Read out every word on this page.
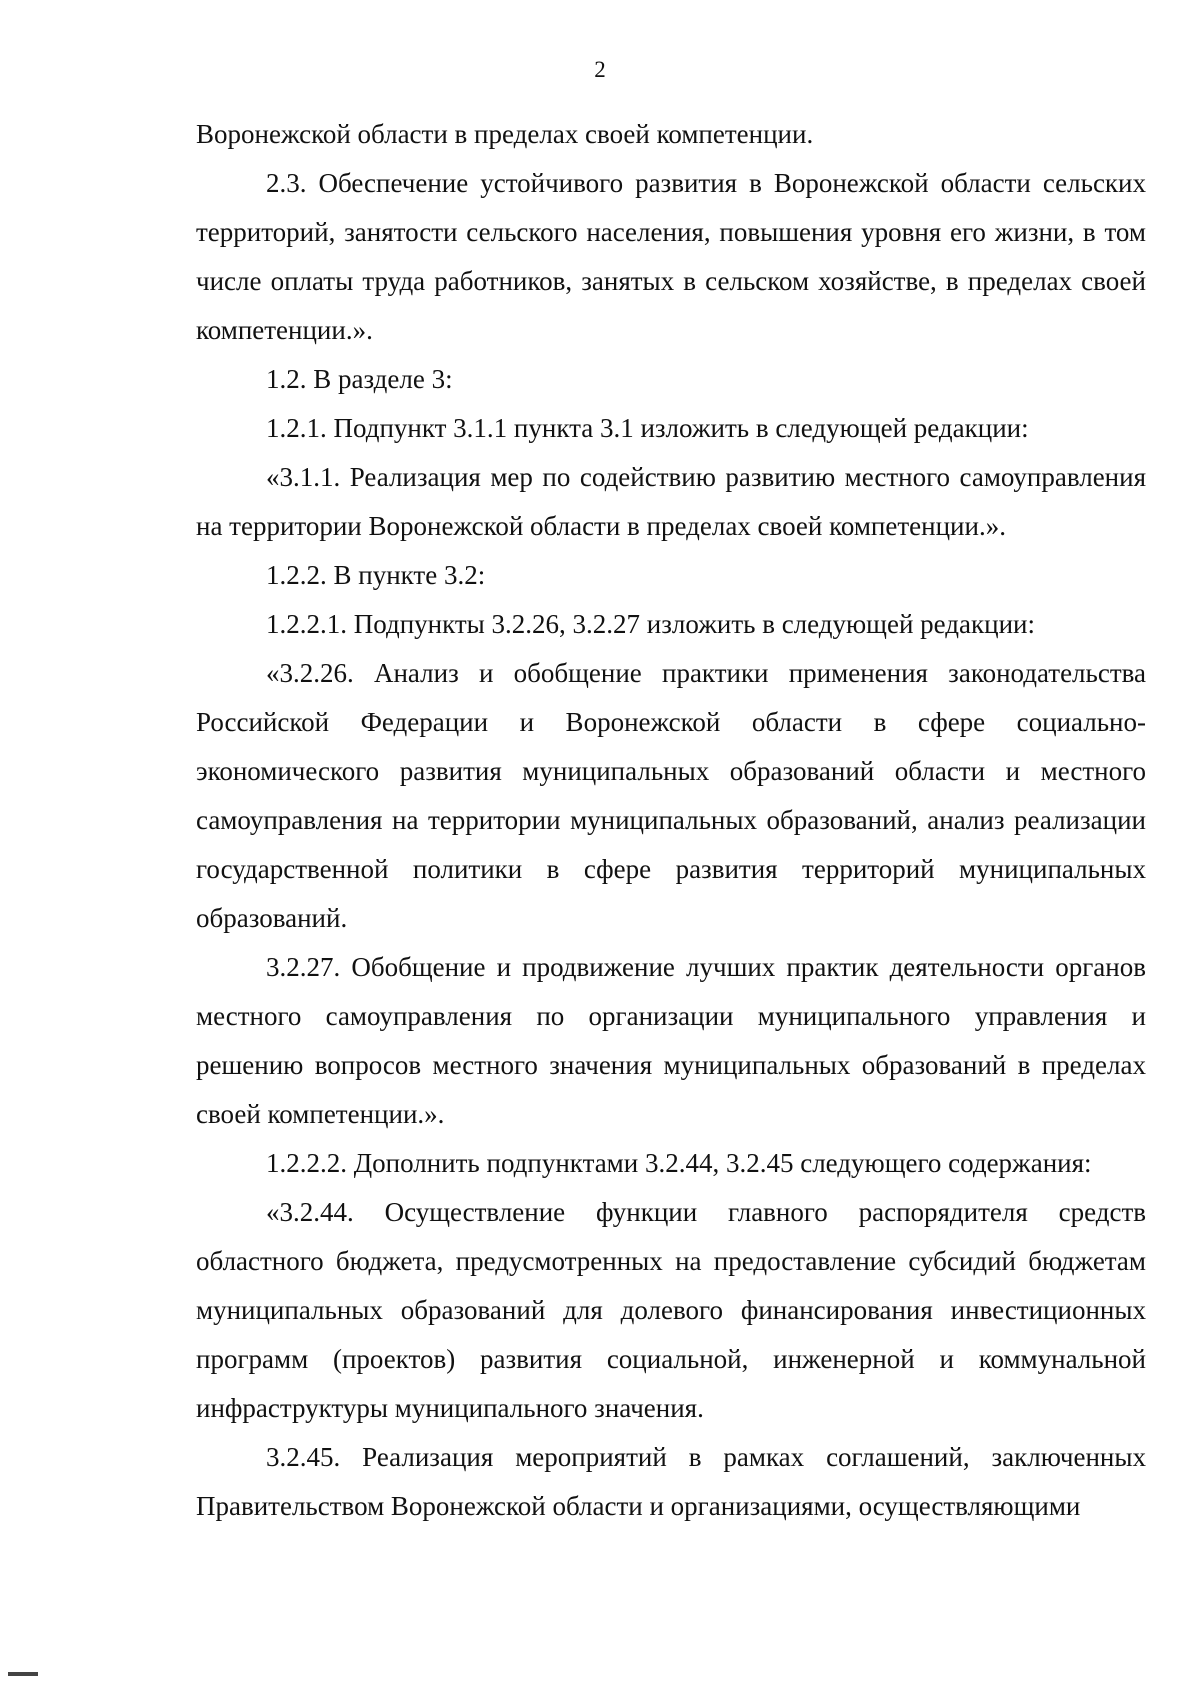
2

Воронежской области в пределах своей компетенции.

2.3. Обеспечение устойчивого развития в Воронежской области сельских территорий, занятости сельского населения, повышения уровня его жизни, в том числе оплаты труда работников, занятых в сельском хозяйстве, в пределах своей компетенции.».

1.2. В разделе 3:

1.2.1. Подпункт 3.1.1 пункта 3.1 изложить в следующей редакции:

«3.1.1. Реализация мер по содействию развитию местного самоуправления на территории Воронежской области в пределах своей компетенции.».

1.2.2. В пункте 3.2:

1.2.2.1. Подпункты 3.2.26, 3.2.27 изложить в следующей редакции:

«3.2.26. Анализ и обобщение практики применения законодательства Российской Федерации и Воронежской области в сфере социально-экономического развития муниципальных образований области и местного самоуправления на территории муниципальных образований, анализ реализации государственной политики в сфере развития территорий муниципальных образований.

3.2.27. Обобщение и продвижение лучших практик деятельности органов местного самоуправления по организации муниципального управления и решению вопросов местного значения муниципальных образований в пределах своей компетенции.».

1.2.2.2. Дополнить подпунктами 3.2.44, 3.2.45 следующего содержания:

«3.2.44. Осуществление функции главного распорядителя средств областного бюджета, предусмотренных на предоставление субсидий бюджетам муниципальных образований для долевого финансирования инвестиционных программ (проектов) развития социальной, инженерной и коммунальной инфраструктуры муниципального значения.

3.2.45. Реализация мероприятий в рамках соглашений, заключенных Правительством Воронежской области и организациями, осуществляющими
